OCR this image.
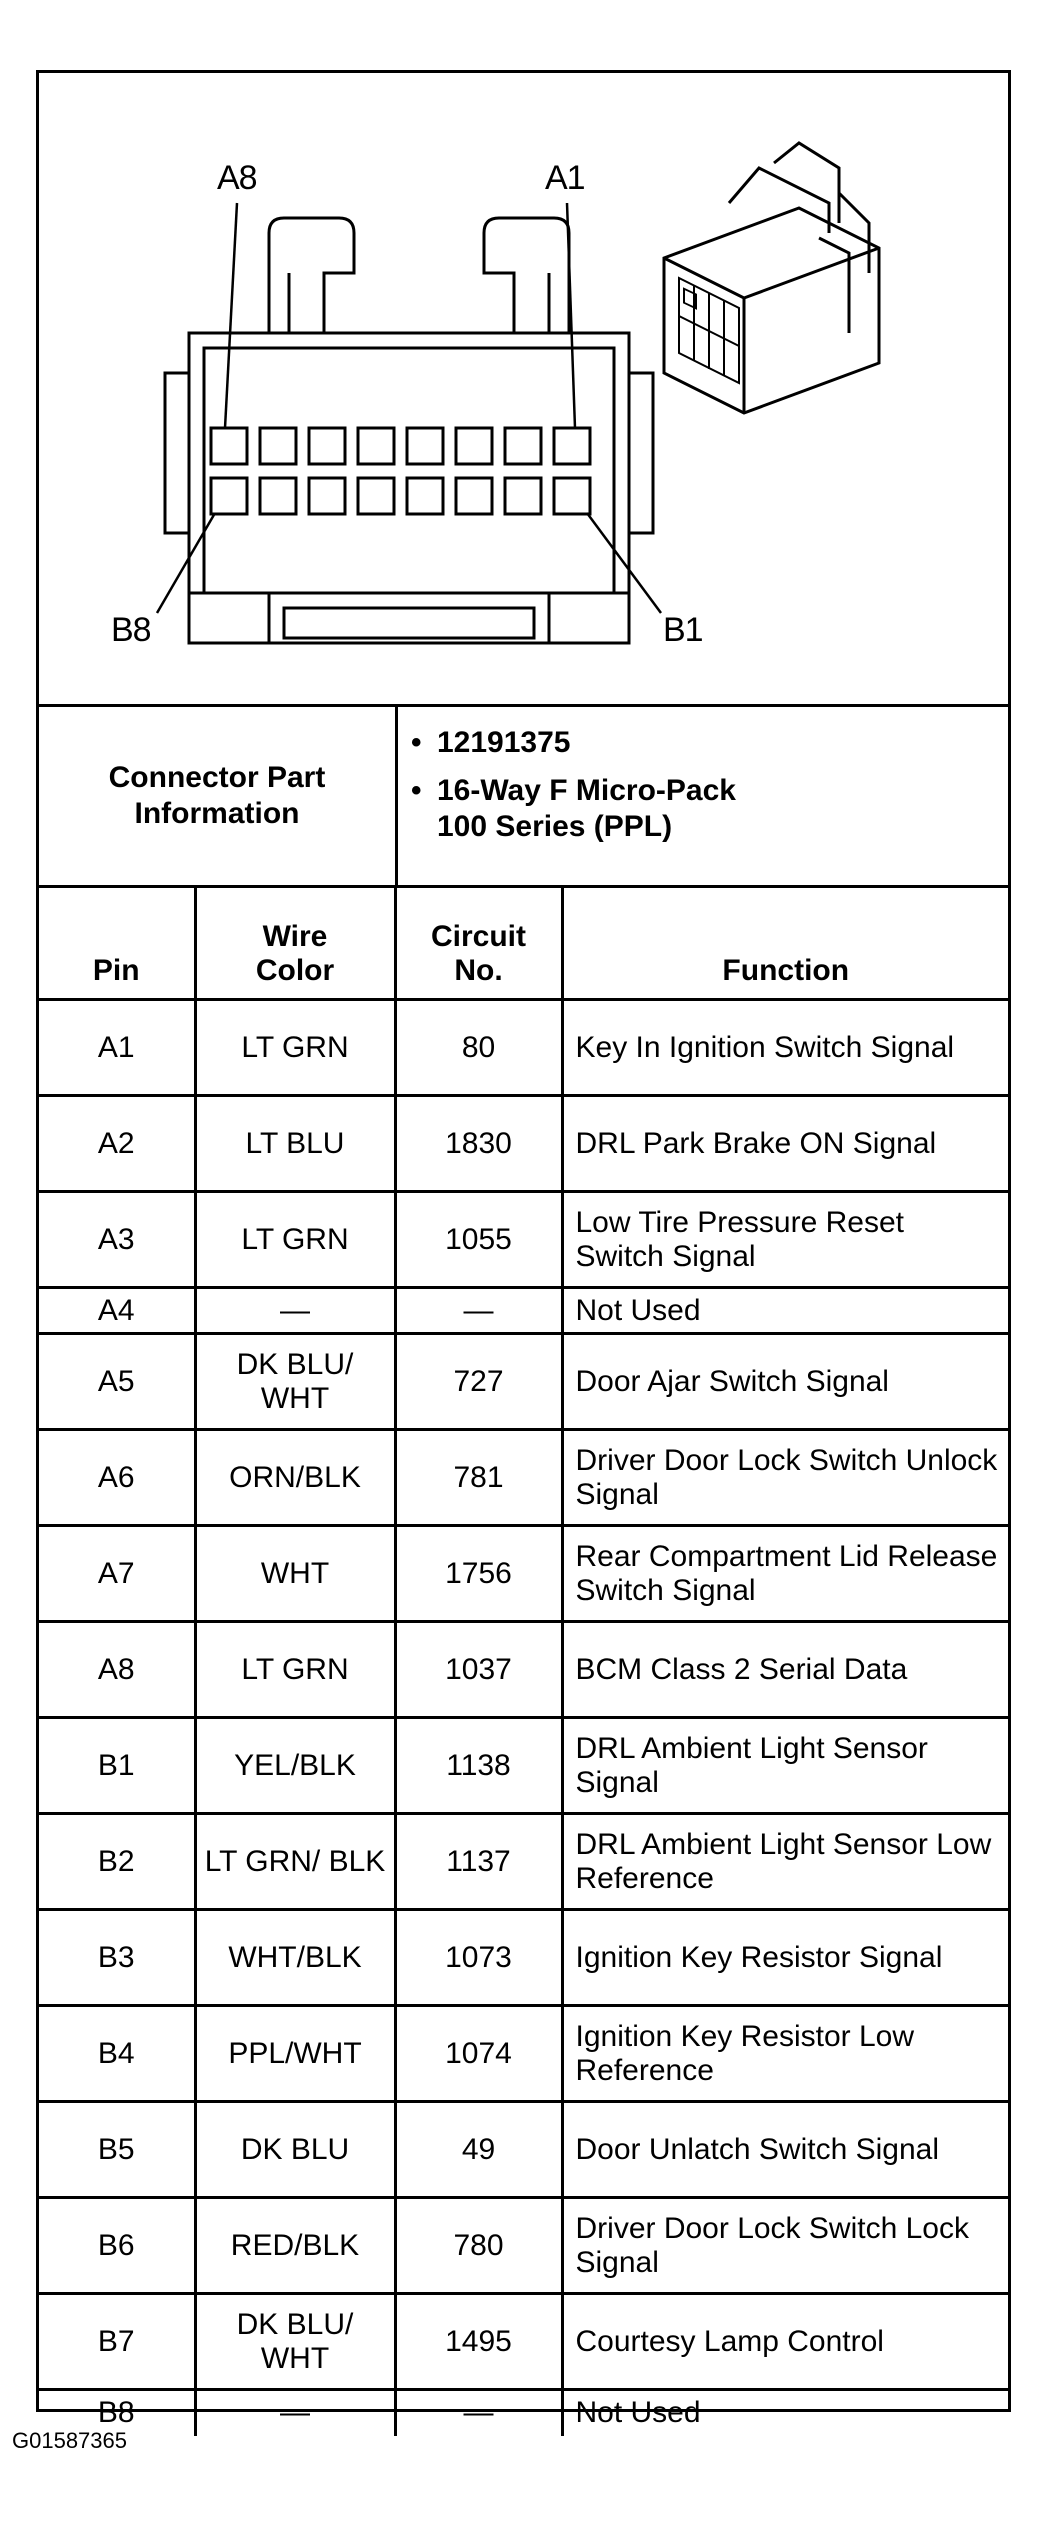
A8	A1
B8	B1
Connector Part Information
• 12191375
• 16-Way F Micro-Pack
100 Series (PPL)
Pin	Wire Color	Circuit No.	Function
A1	LT GRN	80	Key In Ignition Switch Signal
A2	LT BLU	1830	DRL Park Brake ON Signal
A3	LT GRN	1055	Low Tire Pressure Reset Switch Signal
A4	—	—	Not Used
A5	DK BLU/ WHT	727	Door Ajar Switch Signal
A6	ORN/BLK	781	Driver Door Lock Switch Unlock Signal
A7	WHT	1756	Rear Compartment Lid Release Switch Signal
A8	LT GRN	1037	BCM Class 2 Serial Data
B1	YEL/BLK	1138	DRL Ambient Light Sensor Signal
B2	LT GRN/ BLK	1137	DRL Ambient Light Sensor Low Reference
B3	WHT/BLK	1073	Ignition Key Resistor Signal
B4	PPL/WHT	1074	Ignition Key Resistor Low Reference
B5	DK BLU	49	Door Unlatch Switch Signal
B6	RED/BLK	780	Driver Door Lock Switch Lock Signal
B7	DK BLU/ WHT	1495	Courtesy Lamp Control
B8	—	—	Not Used
G01587365
